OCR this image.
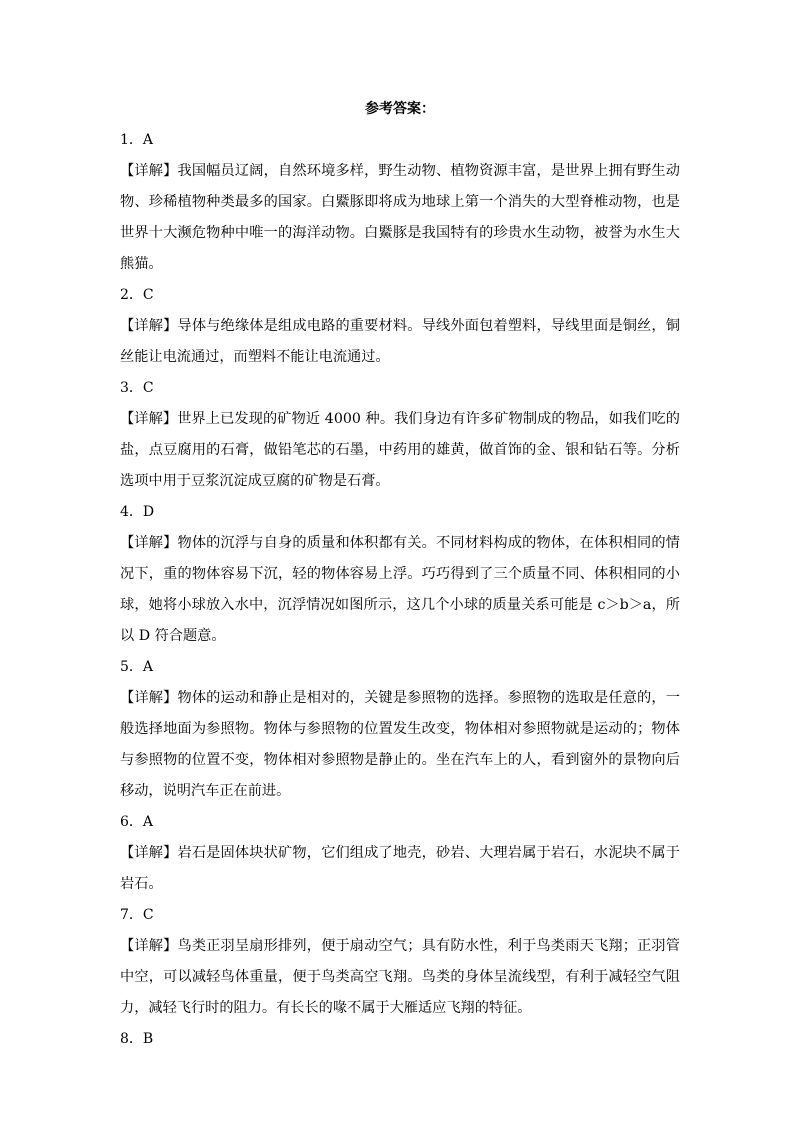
参考答案：

1．A

【详解】我国幅员辽阔，自然环境多样，野生动物、植物资源丰富，是世界上拥有野生动物、珍稀植物种类最多的国家。白鱀豚即将成为地球上第一个消失的大型脊椎动物，也是世界十大濒危物种中唯一的海洋动物。白鱀豚是我国特有的珍贵水生动物，被誉为水生大熊猫。

2．C

【详解】导体与绝缘体是组成电路的重要材料。导线外面包着塑料，导线里面是铜丝，铜丝能让电流通过，而塑料不能让电流通过。

3．C

【详解】世界上已发现的矿物近 4000 种。我们身边有许多矿物制成的物品，如我们吃的盐，点豆腐用的石膏，做铅笔芯的石墨，中药用的雄黄，做首饰的金、银和钻石等。分析选项中用于豆浆沉淀成豆腐的矿物是石膏。

4．D

【详解】物体的沉浮与自身的质量和体积都有关。不同材料构成的物体，在体积相同的情况下，重的物体容易下沉，轻的物体容易上浮。巧巧得到了三个质量不同、体积相同的小球，她将小球放入水中，沉浮情况如图所示，这几个小球的质量关系可能是 c＞b＞a，所以 D 符合题意。

5．A

【详解】物体的运动和静止是相对的，关键是参照物的选择。参照物的选取是任意的，一般选择地面为参照物。物体与参照物的位置发生改变，物体相对参照物就是运动的；物体与参照物的位置不变，物体相对参照物是静止的。坐在汽车上的人，看到窗外的景物向后移动，说明汽车正在前进。

6．A

【详解】岩石是固体块状矿物，它们组成了地壳，砂岩、大理岩属于岩石，水泥块不属于岩石。

7．C

【详解】鸟类正羽呈扇形排列，便于扇动空气；具有防水性，利于鸟类雨天飞翔；正羽管中空，可以减轻鸟体重量，便于鸟类高空飞翔。鸟类的身体呈流线型，有利于减轻空气阻力，减轻飞行时的阻力。有长长的喙不属于大雁适应飞翔的特征。

8．B
